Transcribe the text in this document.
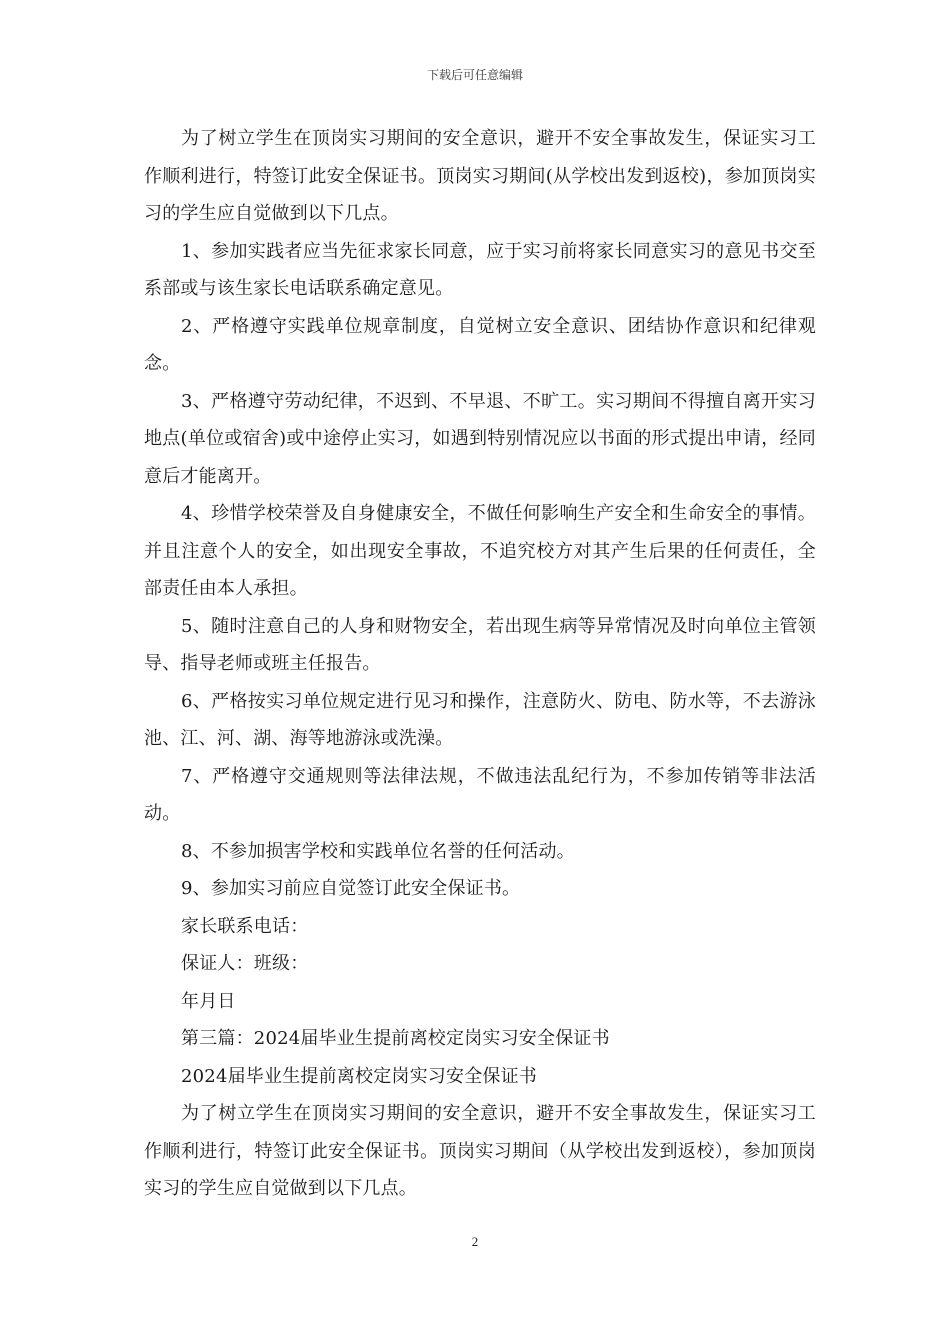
下载后可任意编辑

为了树立学生在顶岗实习期间的安全意识，避开不安全事故发生，保证实习工作顺利进行，特签订此安全保证书。顶岗实习期间(从学校出发到返校)，参加顶岗实习的学生应自觉做到以下几点。

1、参加实践者应当先征求家长同意，应于实习前将家长同意实习的意见书交至系部或与该生家长电话联系确定意见。

2、严格遵守实践单位规章制度，自觉树立安全意识、团结协作意识和纪律观念。

3、严格遵守劳动纪律，不迟到、不早退、不旷工。实习期间不得擅自离开实习地点(单位或宿舍)或中途停止实习，如遇到特别情况应以书面的形式提出申请，经同意后才能离开。

4、珍惜学校荣誉及自身健康安全，不做任何影响生产安全和生命安全的事情。并且注意个人的安全，如出现安全事故，不追究校方对其产生后果的任何责任，全部责任由本人承担。

5、随时注意自己的人身和财物安全，若出现生病等异常情况及时向单位主管领导、指导老师或班主任报告。

6、严格按实习单位规定进行见习和操作，注意防火、防电、防水等，不去游泳池、江、河、湖、海等地游泳或洗澡。

7、严格遵守交通规则等法律法规，不做违法乱纪行为，不参加传销等非法活动。

8、不参加损害学校和实践单位名誉的任何活动。

9、参加实习前应自觉签订此安全保证书。

家长联系电话：

保证人：班级：

年月日

第三篇：2024届毕业生提前离校定岗实习安全保证书

2024届毕业生提前离校定岗实习安全保证书

为了树立学生在顶岗实习期间的安全意识，避开不安全事故发生，保证实习工作顺利进行，特签订此安全保证书。顶岗实习期间（从学校出发到返校），参加顶岗实习的学生应自觉做到以下几点。

2
